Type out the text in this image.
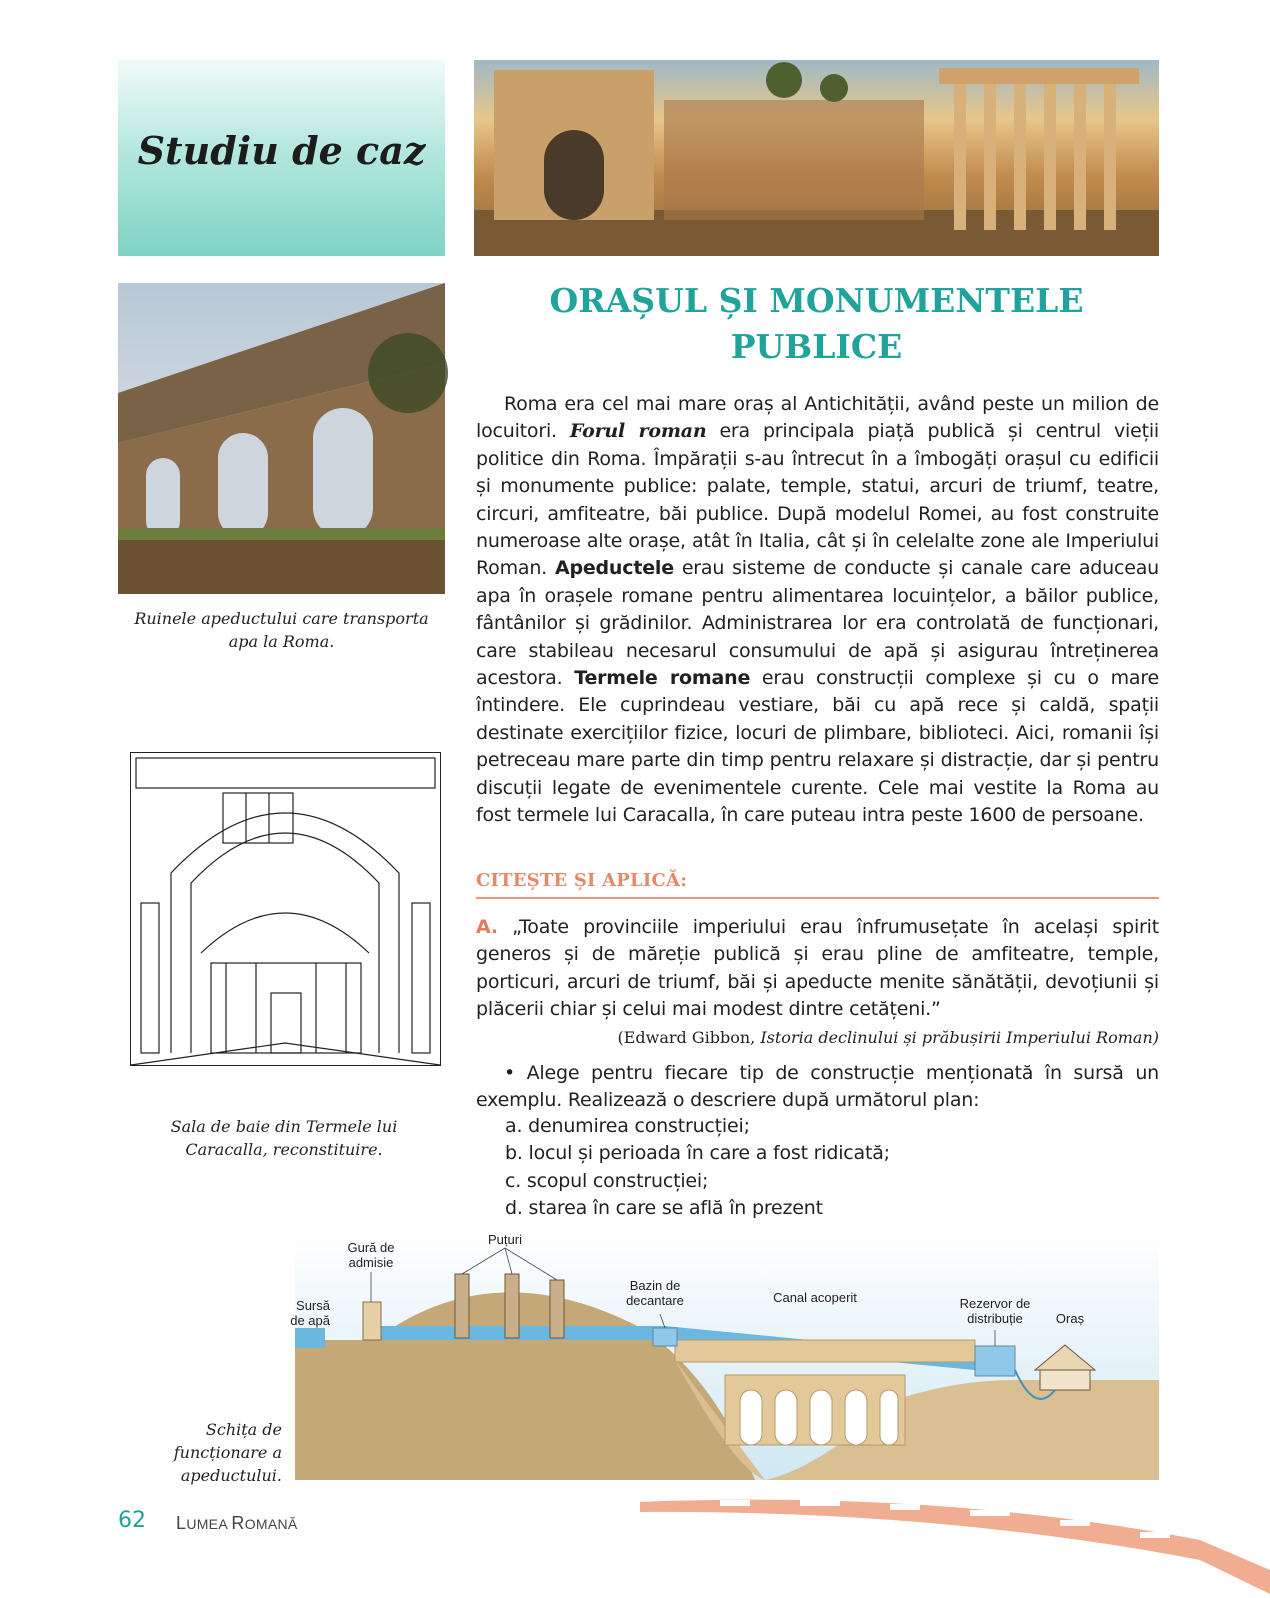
Studiu de caz
Ruinele apeductului care transporta apa la Roma.
Sala de baie din Termele lui Caracalla, reconstituire.
ORAȘUL ȘI MONUMENTELE
PUBLICE
Roma era cel mai mare oraș al Antichității, având peste un milion de locuitori. Forul roman era principala piață publică și centrul vieții politice din Roma. Împărații s-au întrecut în a îmbogăți orașul cu edificii și monumente publice: palate, temple, statui, arcuri de triumf, teatre, circuri, amfiteatre, băi publice. După modelul Romei, au fost construite numeroase alte orașe, atât în Italia, cât și în celelalte zone ale Imperiului Roman. Apeductele erau sisteme de conducte și canale care aduceau apa în orașele romane pentru alimentarea locuințelor, a băilor publice, fântânilor și grădinilor. Administrarea lor era controlată de funcționari, care stabileau necesarul consumului de apă și asigurau întreținerea acestora. Termele romane erau construcții complexe și cu o mare întindere. Ele cuprindeau vestiare, băi cu apă rece și caldă, spații destinate exercițiilor fizice, locuri de plimbare, biblioteci. Aici, romanii își petreceau mare parte din timp pentru relaxare și distracție, dar și pentru discuții legate de evenimentele curente. Cele mai vestite la Roma au fost termele lui Caracalla, în care puteau intra peste 1600 de persoane.
CITEȘTE ȘI APLICĂ:
A. „Toate provinciile imperiului erau înfrumusețate în același spirit generos și de măreție publică și erau pline de amfiteatre, temple, porticuri, arcuri de triumf, băi și apeducte menite sănătății, devoțiunii și plăcerii chiar și celui mai modest dintre cetățeni.”
(Edward Gibbon, Istoria declinului și prăbușirii Imperiului Roman)
• Alege pentru fiecare tip de construcție menționată în sursă un exemplu. Realizează o descriere după următorul plan:
a. denumirea construcției;
b. locul și perioada în care a fost ridicată;
c. scopul construcției;
d. starea în care se află în prezent
Gură de
admisie
Puțuri
Sursă
de apă
Bazin de
decantare	Canal acoperit	Rezervor de
distribuție	Oraș
Schița de funcționare a apeductului.
62 LUMEA ROMANĂ
